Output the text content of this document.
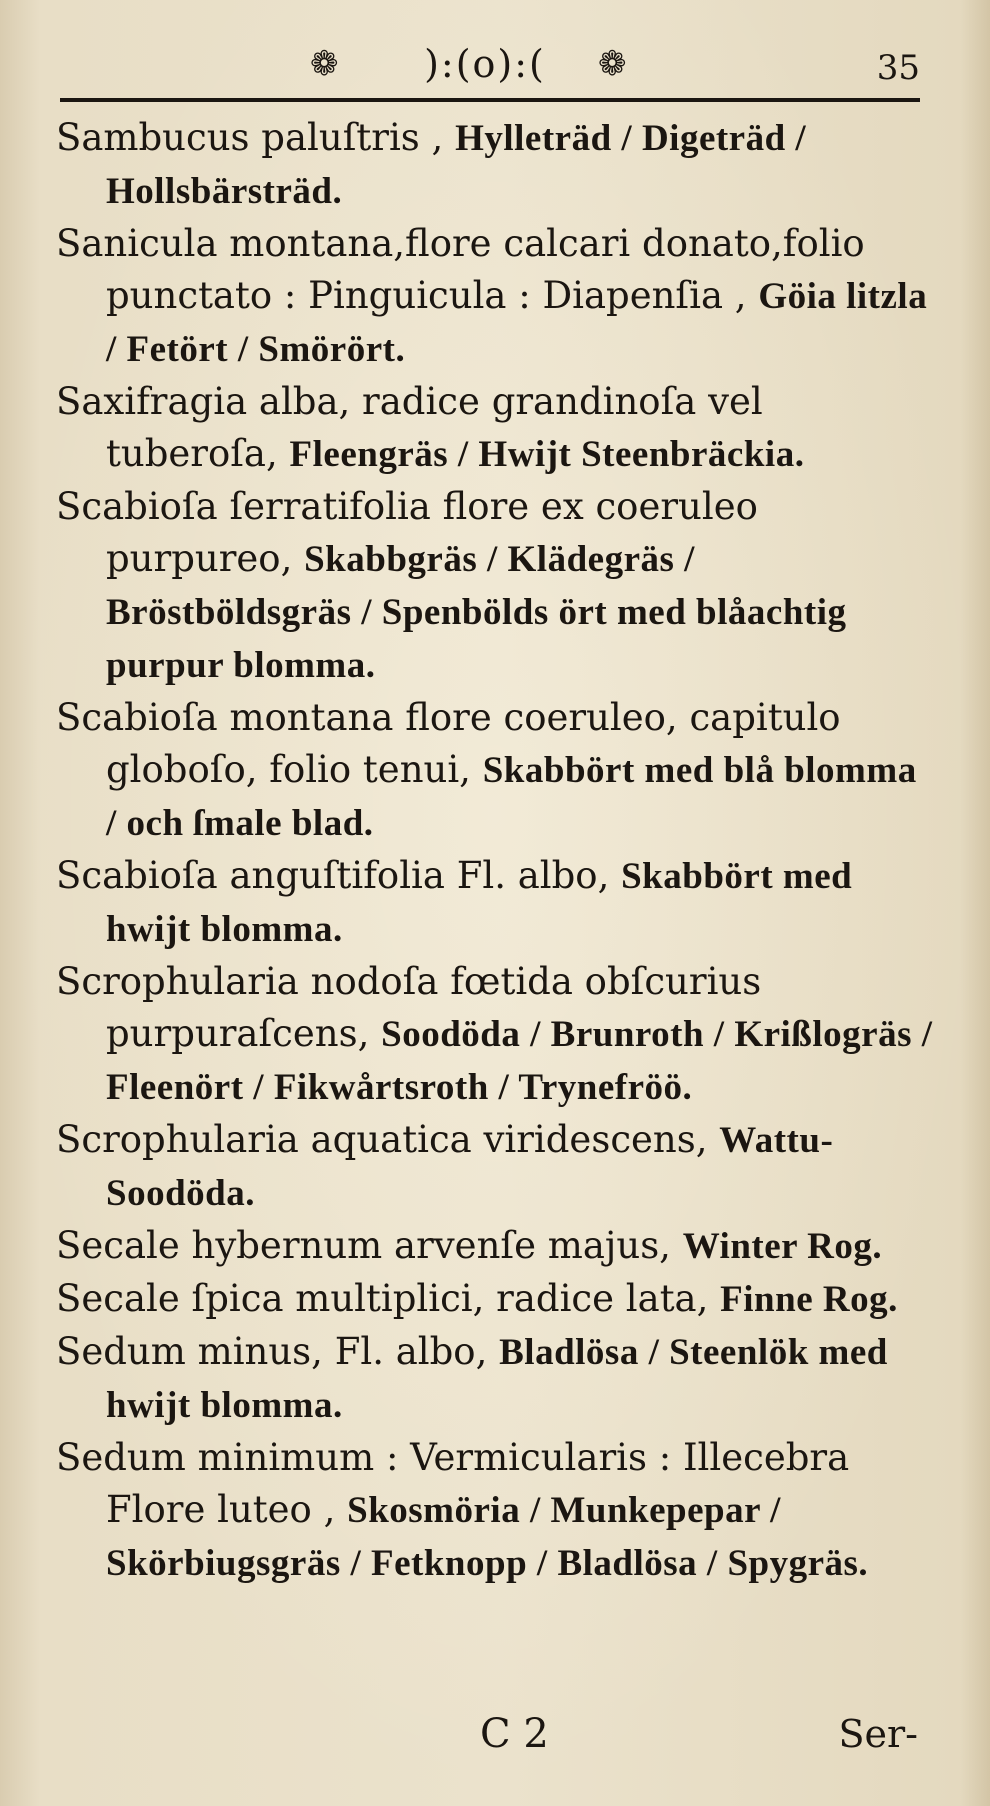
❁	):(o):(	❁	35
Sambucus paluſtris , Hylleträd / Digeträd / Hollsbärsträd.
Sanicula montana,flore calcari donato,folio punctato : Pinguicula : Diapenſia , Göia litzla / Fetört / Smörört.
Saxifragia alba, radice grandinoſa vel tuberoſa, Fleengräs / Hwijt Steenbräckia.
Scabioſa ſerratifolia flore ex coeruleo purpureo, Skabbgräs / Klädegräs / Bröstböldsgräs / Spenbölds ört med blåachtig purpur blomma.
Scabioſa montana flore coeruleo, capitulo globoſo, folio tenui, Skabbört med blå blomma / och ſmale blad.
Scabioſa anguſtifolia Fl. albo, Skabbört med hwijt blomma.
Scrophularia nodoſa fœtida obſcurius purpuraſcens, Soodöda / Brunroth / Krißlogräs / Fleenört / Fikwårtsroth / Trynefröö.
Scrophularia aquatica viridescens, Wattu-Soodöda.
Secale hybernum arvenſe majus, Winter Rog.
Secale ſpica multiplici, radice lata, Finne Rog.
Sedum minus, Fl. albo, Bladlösa / Steenlök med hwijt blomma.
Sedum minimum : Vermicularis : Illecebra Flore luteo , Skosmöria / Munkepepar / Skörbiugsgräs / Fetknopp / Bladlösa / Spygräs.
C 2	Ser-
